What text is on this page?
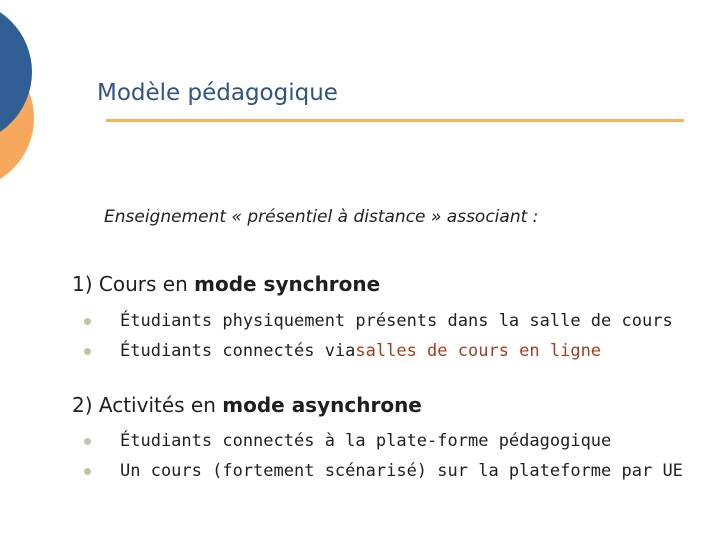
Modèle pédagogique
Enseignement « présentiel à distance » associant :
1) Cours en mode synchrone
Étudiants physiquement présents dans la salle de cours
Étudiants connectés via salles de cours en ligne
2) Activités en mode asynchrone
Étudiants connectés à la plate-forme pédagogique
Un cours (fortement scénarisé) sur la plateforme par UE
